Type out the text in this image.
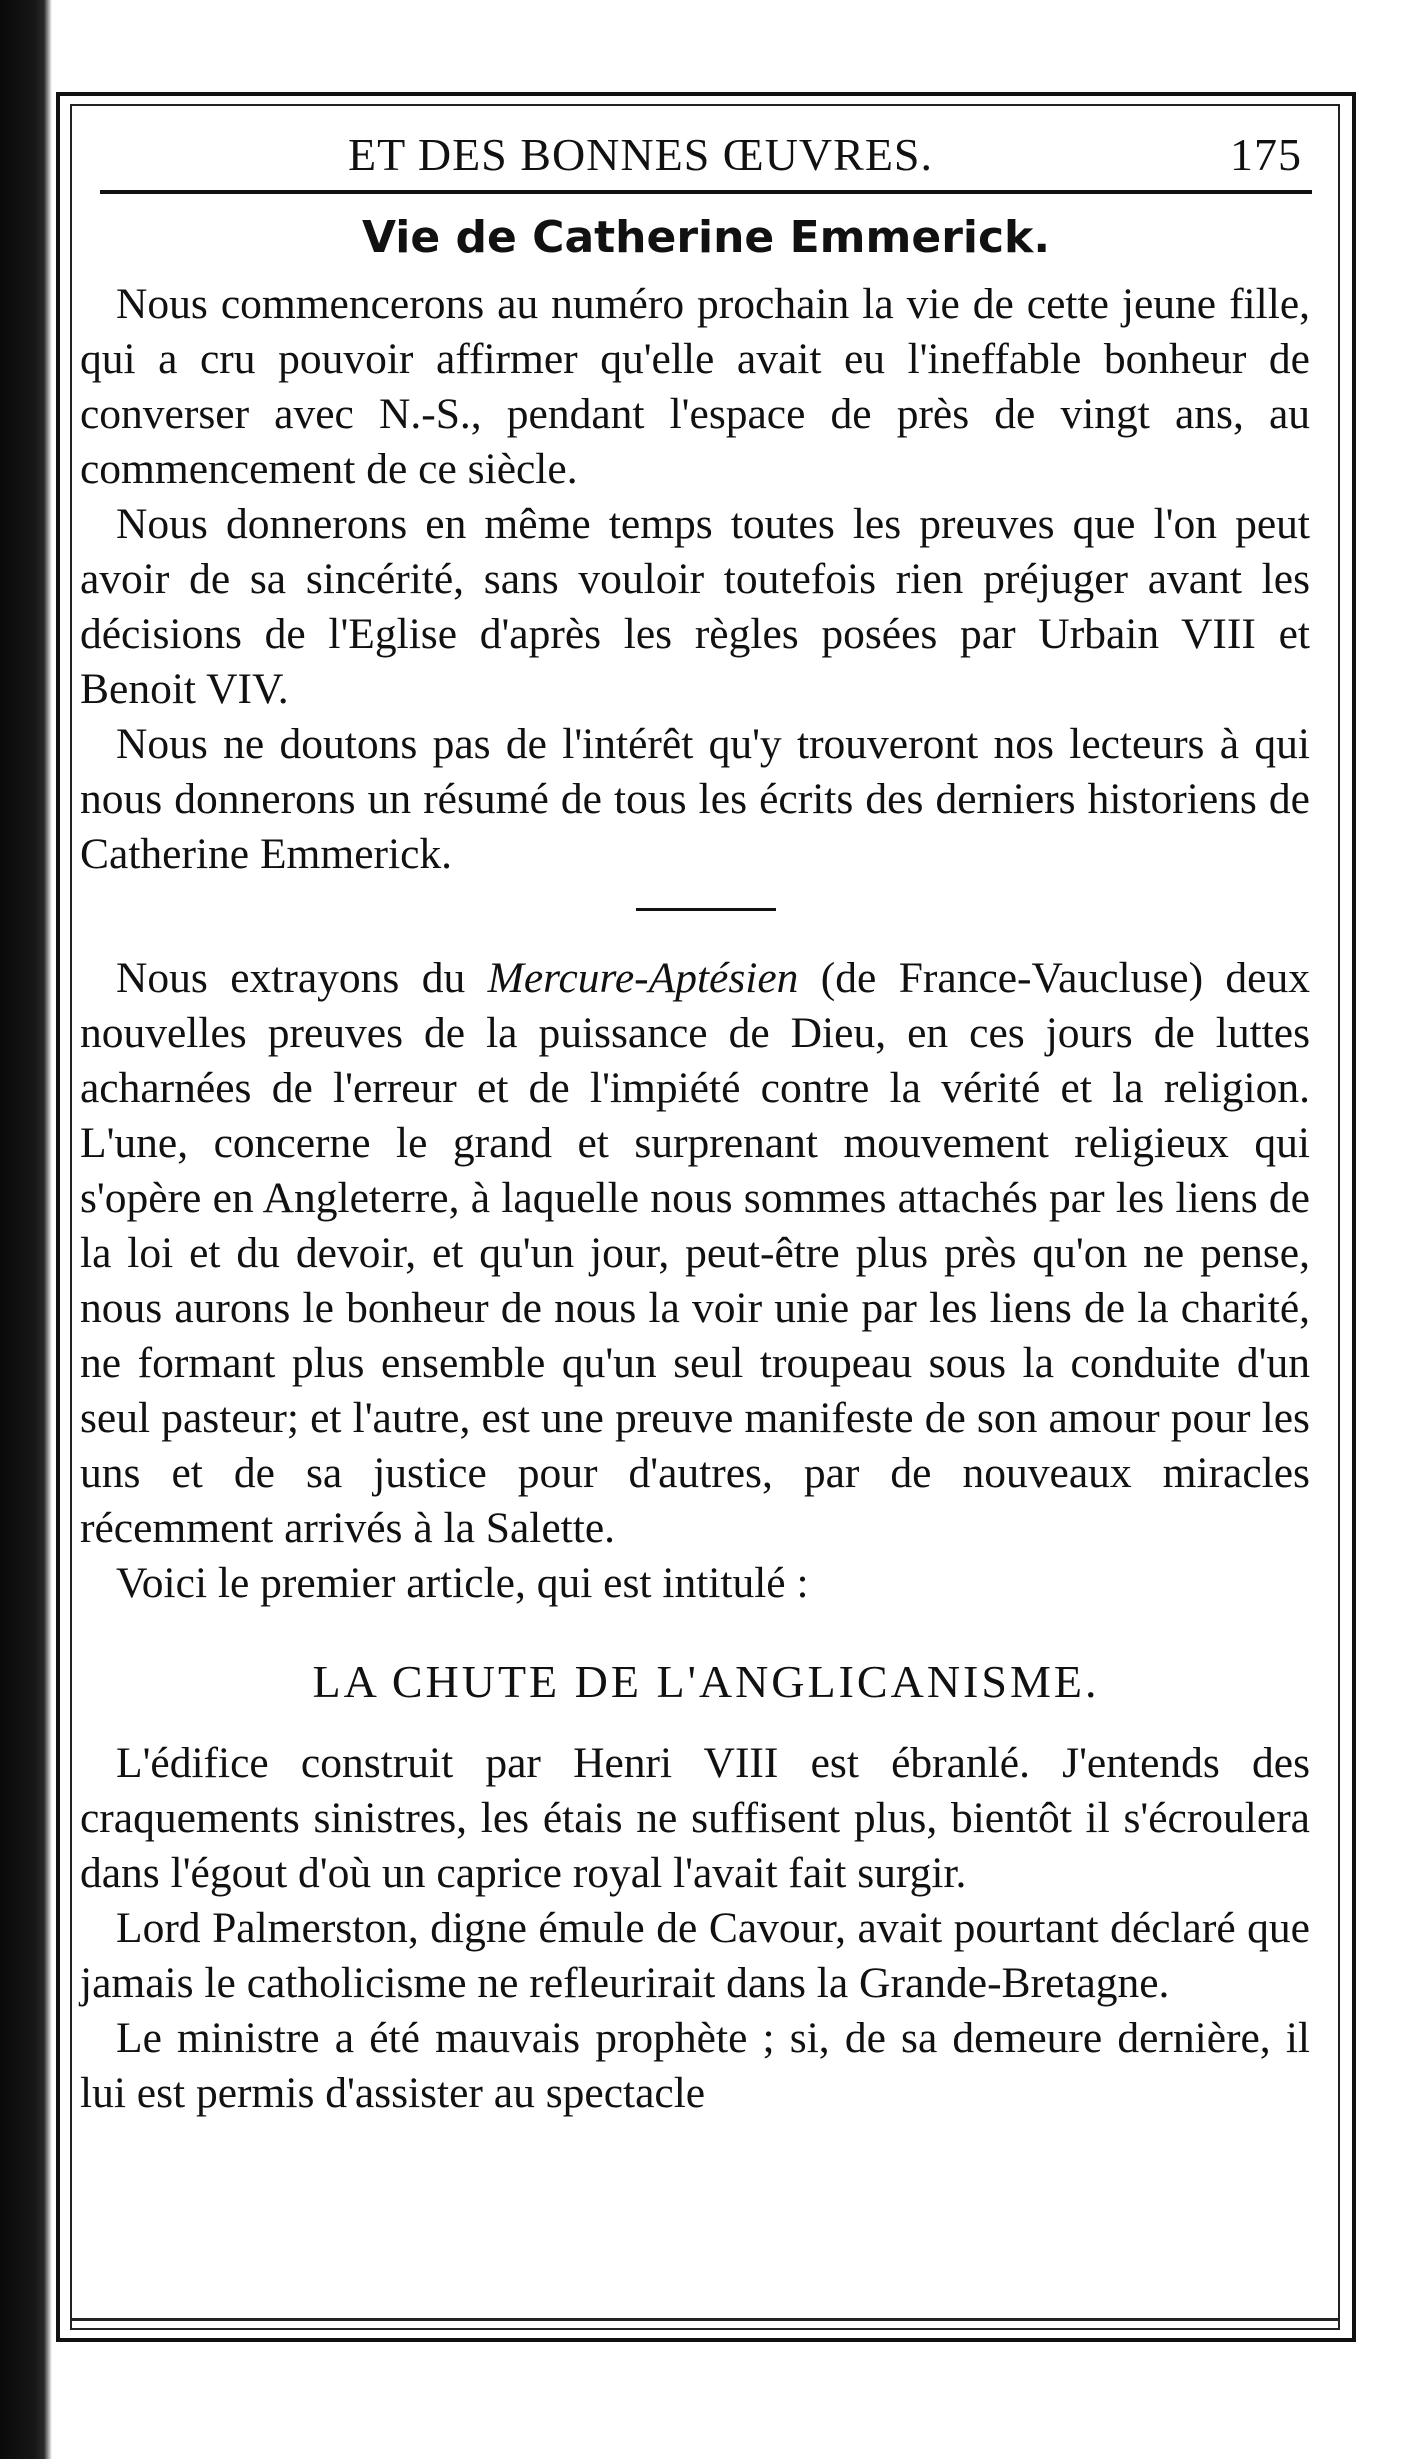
ET DES BONNES ŒUVRES.	175
Vie de Catherine Emmerick.

Nous commencerons au numéro prochain la vie de cette jeune fille, qui a cru pouvoir affirmer qu'elle avait eu l'ineffable bonheur de converser avec N.-S., pendant l'espace de près de vingt ans, au commencement de ce siècle.

Nous donnerons en même temps toutes les preuves que l'on peut avoir de sa sincérité, sans vouloir toutefois rien préjuger avant les décisions de l'Eglise d'après les règles posées par Urbain VIII et Benoit VIV.

Nous ne doutons pas de l'intérêt qu'y trouveront nos lecteurs à qui nous donnerons un résumé de tous les écrits des derniers historiens de Catherine Emmerick.

Nous extrayons du Mercure-Aptésien (de France-Vaucluse) deux nouvelles preuves de la puissance de Dieu, en ces jours de luttes acharnées de l'erreur et de l'impiété contre la vérité et la religion. L'une, concerne le grand et surprenant mouvement religieux qui s'opère en Angleterre, à laquelle nous sommes attachés par les liens de la loi et du devoir, et qu'un jour, peut-être plus près qu'on ne pense, nous aurons le bonheur de nous la voir unie par les liens de la charité, ne formant plus ensemble qu'un seul troupeau sous la conduite d'un seul pasteur; et l'autre, est une preuve manifeste de son amour pour les uns et de sa justice pour d'autres, par de nouveaux miracles récemment arrivés à la Salette.

Voici le premier article, qui est intitulé :

LA CHUTE DE L'ANGLICANISME.

L'édifice construit par Henri VIII est ébranlé. J'entends des craquements sinistres, les étais ne suffisent plus, bientôt il s'écroulera dans l'égout d'où un caprice royal l'avait fait surgir.

Lord Palmerston, digne émule de Cavour, avait pourtant déclaré que jamais le catholicisme ne refleurirait dans la Grande-Bretagne.

Le ministre a été mauvais prophète ; si, de sa demeure dernière, il lui est permis d'assister au spectacle
